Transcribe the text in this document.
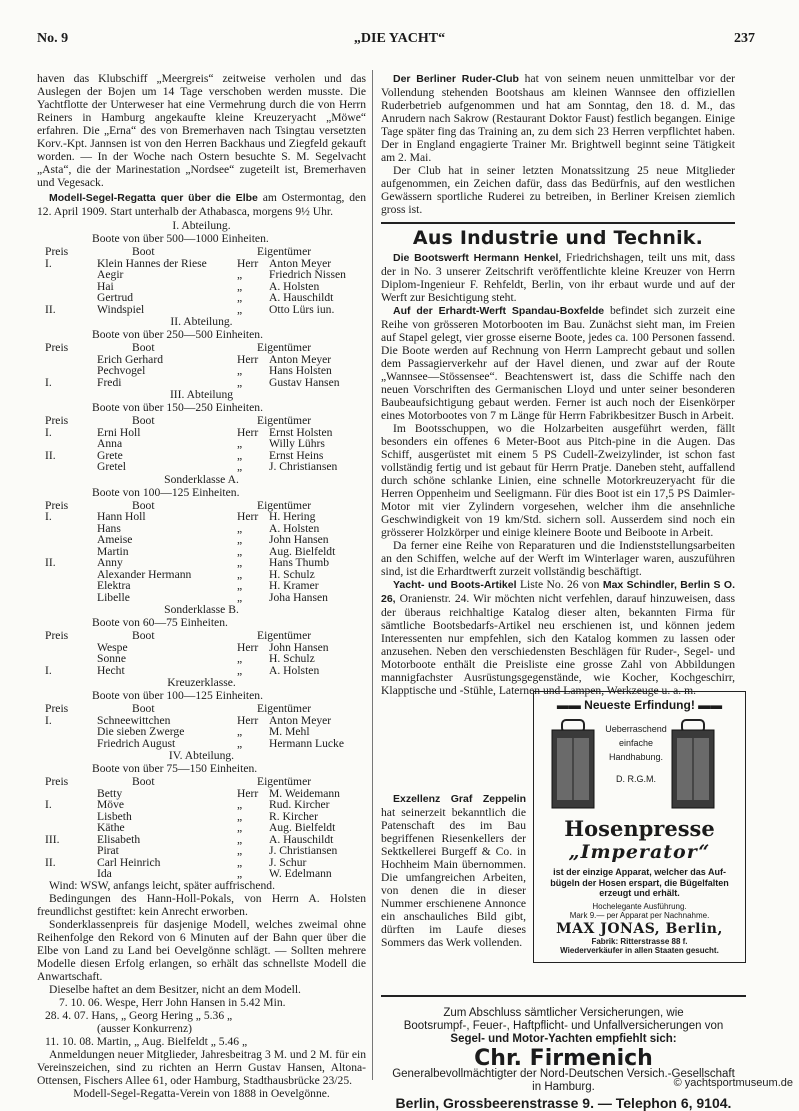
No. 9	„DIE YACHT“	237

haven das Klubschiff „Meergreis“ zeitweise verholen und das Auslegen der Bojen um 14 Tage verschoben werden musste. Die Yachtflotte der Unterweser hat eine Vermehrung durch die von Herrn Reiners in Hamburg angekaufte kleine Kreuzeryacht „Möwe“ erfahren. Die „Erna“ des von Bremerhaven nach Tsingtau versetzten Korv.-Kpt. Jannsen ist von den Herren Backhaus und Ziegfeld gekauft worden. — In der Woche nach Ostern besuchte S. M. Segelvacht „Asta“, die der Marinestation „Nordsee“ zugeteilt ist, Bremerhaven und Vegesack.

Modell-Segel-Regatta quer über die Elbe am Ostermontag, den 12. April 1909. Start unterhalb der Athabasca, morgens 9½ Uhr.

I. Abteilung.
Boote von über 500—1000 Einheiten.
Preis	Boot	Eigentümer
I.	Klein Hannes der Riese	Herr Anton Meyer
Aegir	„ Friedrich Nissen
Hai	„ A. Holsten
Gertrud	„ A. Hauschildt
II.	Windspiel	„ Otto Lürs iun.
II. Abteilung.
Boote von über 250—500 Einheiten.
Preis	Boot	Eigentümer
Erich Gerhard	Herr Anton Meyer
Pechvogel	„ Hans Holsten
I.	Fredi	„ Gustav Hansen
III. Abteilung
Boote von über 150—250 Einheiten.
Preis	Boot	Eigentümer
I.	Erni Holl	Herr Ernst Holsten
Anna	„ Willy Lührs
II.	Grete	„ Ernst Heins
Gretel	„ J. Christiansen
Sonderklasse A.
Boote von 100—125 Einheiten.
Preis	Boot	Eigentümer
I.	Hann Holl	Herr H. Hering
Hans	„ A. Holsten
Ameise	„ John Hansen
Martin	„ Aug. Bielfeldt
II.	Anny	„ Hans Thumb
Alexander Hermann	„ H. Schulz
Elektra	„ H. Kramer
Libelle	„ Joha Hansen
Sonderklasse B.
Boote von 60—75 Einheiten.
Preis	Boot	Eigentümer
Wespe	Herr John Hansen
Sonne	„ H. Schulz
I.	Hecht	„ A. Holsten
Kreuzerklasse.
Boote von über 100—125 Einheiten.
Preis	Boot	Eigentümer
I.	Schneewittchen	Herr Anton Meyer
Die sieben Zwerge	„ M. Mehl
Friedrich August	„ Hermann Lucke
IV. Abteilung.
Boote von über 75—150 Einheiten.
Preis	Boot	Eigentümer
Betty	Herr M. Weidemann
I.	Möve	„ Rud. Kircher
Lisbeth	„ R. Kircher
Käthe	„ Aug. Bielfeldt
III.	Elisabeth	„ A. Hauschildt
Pirat	„ J. Christiansen
II.	Carl Heinrich	„ J. Schur
Ida	„ W. Edelmann

Wind: WSW, anfangs leicht, später auffrischend.

Bedingungen des Hann-Holl-Pokals, von Herrn A. Holsten freundlichst gestiftet: kein Anrecht erworben.

Sonderklassenpreis für dasjenige Modell, welches zweimal ohne Reihenfolge den Rekord von 6 Minuten auf der Bahn quer über die Elbe von Land zu Land bei Oevelgönne schlägt. — Sollten mehrere Modelle diesen Erfolg erlangen, so erhält das schnellste Modell die Anwartschaft.

Dieselbe haftet an dem Besitzer, nicht an dem Modell.

7. 10. 06. Wespe, Herr John Hansen in 5.42 Min.

28. 4. 07. Hans, „ Georg Hering „ 5.36 „

(ausser Konkurrenz)

11. 10. 08. Martin, „ Aug. Bielfeldt „ 5.46 „

Anmeldungen neuer Mitglieder, Jahresbeitrag 3 M. und 2 M. für ein Vereinszeichen, sind zu richten an Herrn Gustav Hansen, Altona-Ottensen, Fischers Allee 61, oder Hamburg, Stadthausbrücke 23/25.

Modell-Segel-Regatta-Verein von 1888 in Oevelgönne.

Der Berliner Ruder-Club hat von seinem neuen unmittelbar vor der Vollendung stehenden Bootshaus am kleinen Wannsee den offiziellen Ruderbetrieb aufgenommen und hat am Sonntag, den 18. d. M., das Anrudern nach Sakrow (Restaurant Doktor Faust) festlich begangen. Einige Tage später fing das Training an, zu dem sich 23 Herren verpflichtet haben. Der in England engagierte Trainer Mr. Brightwell beginnt seine Tätigkeit am 2. Mai.

Der Club hat in seiner letzten Monatssitzung 25 neue Mitglieder aufgenommen, ein Zeichen dafür, dass das Bedürfnis, auf den westlichen Gewässern sportliche Ruderei zu betreiben, in Berliner Kreisen ziemlich gross ist.

Aus Industrie und Technik.

Die Bootswerft Hermann Henkel, Friedrichshagen, teilt uns mit, dass der in No. 3 unserer Zeitschrift veröffentlichte kleine Kreuzer von Herrn Diplom-Ingenieur F. Rehfeldt, Berlin, von ihr erbaut wurde und auf der Werft zur Besichtigung steht.

Auf der Erhardt-Werft Spandau-Boxfelde befindet sich zurzeit eine Reihe von grösseren Motorbooten im Bau. Zunächst sieht man, im Freien auf Stapel gelegt, vier grosse eiserne Boote, jedes ca. 100 Personen fassend. Die Boote werden auf Rechnung von Herrn Lamprecht gebaut und sollen dem Passagierverkehr auf der Havel dienen, und zwar auf der Route „Wannsee—Stössensee“. Beachtenswert ist, dass die Schiffe nach den neuen Vorschriften des Germanischen Lloyd und unter seiner besonderen Baubeaufsichtigung gebaut werden. Ferner ist auch noch der Eisenkörper eines Motorbootes von 7 m Länge für Herrn Fabrikbesitzer Busch in Arbeit.

Im Bootsschuppen, wo die Holzarbeiten ausgeführt werden, fällt besonders ein offenes 6 Meter-Boot aus Pitch-pine in die Augen. Das Schiff, ausgerüstet mit einem 5 PS Cudell-Zweizylinder, ist schon fast vollständig fertig und ist gebaut für Herrn Pratje. Daneben steht, auffallend durch schöne schlanke Linien, eine schnelle Motorkreuzeryacht für die Herren Oppenheim und Seeligmann. Für dies Boot ist ein 17,5 PS Daimler-Motor mit vier Zylindern vorgesehen, welcher ihm die ansehnliche Geschwindigkeit von 19 km/Std. sichern soll. Ausserdem sind noch ein grösserer Holzkörper und einige kleinere Boote und Beiboote in Arbeit.

Da ferner eine Reihe von Reparaturen und die Indienststellungsarbeiten an den Schiffen, welche auf der Werft im Winterlager waren, auszuführen sind, ist die Erhardtwerft zurzeit vollständig beschäftigt.

Yacht- und Boots-Artikel Liste No. 26 von Max Schindler, Berlin S O. 26, Oranienstr. 24. Wir möchten nicht verfehlen, darauf hinzuweisen, dass der überaus reichhaltige Katalog dieser alten, bekannten Firma für sämtliche Bootsbedarfs-Artikel neu erschienen ist, und können jedem Interessenten nur empfehlen, sich den Katalog kommen zu lassen oder anzusehen. Neben den verschiedensten Beschlägen für Ruder-, Segel- und Motorboote enthält die Preisliste eine grosse Zahl von Abbildungen mannigfachster Ausrüstungsgegenstände, wie Kocher, Kochgeschirr, Klapptische und -Stühle, Laternen und Lampen, Werkzeuge u. a. m.

▬▬ Neueste Erfindung! ▬▬
Ueberraschend
einfache
Handhabung.
D. R.G.M.
Hosenpresse
„Imperator“
ist der einzige Apparat, welcher das Auf-bügeln der Hosen erspart, die Bügelfalten erzeugt und erhält.
Hochelegante Ausführung.
Mark 9.— per Apparat per Nachnahme.
MAX JONAS, Berlin,
Fabrik: Ritterstrasse 88 f.
Wiederverkäufer in allen Staaten gesucht.

Exzellenz Graf Zeppelin hat seinerzeit bekanntlich die Patenschaft des im Bau begriffenen Riesenkellers der Sektkellerei Burgeff & Co. in Hochheim Main übernommen. Die umfangreichen Arbeiten, von denen die in dieser Nummer erschienene Annonce ein anschauliches Bild gibt, dürften im Laufe dieses Sommers das Werk vollenden.

Zum Abschluss sämtlicher Versicherungen, wie
Bootsrumpf-, Feuer-, Haftpflicht- und Unfallversicherungen von
Segel- und Motor-Yachten empfiehlt sich:
Chr. Firmenich
Generalbevollmächtigter der Nord-Deutschen Versich.-Gesellschaft
in Hamburg.
Berlin, Grossbeerenstrasse 9. — Telephon 6, 9104.
© yachtsportmuseum.de
